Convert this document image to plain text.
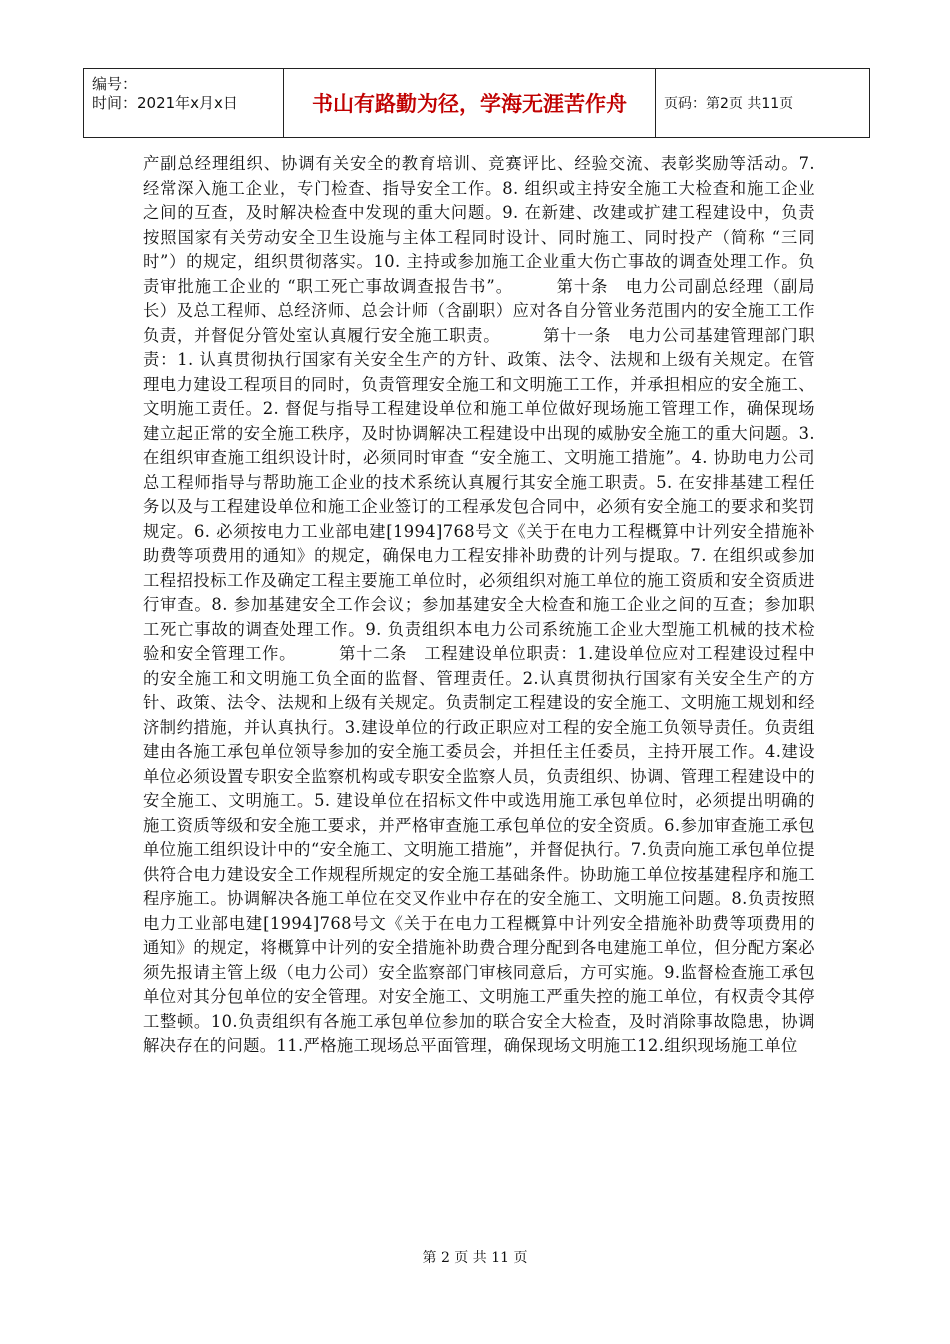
编号：
时间：2021年x月x日	书山有路勤为径，学海无涯苦作舟	页码：第2页 共11页
产副总经理组织、协调有关安全的教育培训、竞赛评比、经验交流、表彰奖励等活动。7. 经常深入施工企业，专门检查、指导安全工作。8. 组织或主持安全施工大检查和施工企业之间的互查，及时解决检查中发现的重大问题。9. 在新建、改建或扩建工程建设中，负责按照国家有关劳动安全卫生设施与主体工程同时设计、同时施工、同时投产（简称 “三同时”）的规定，组织贯彻落实。10. 主持或参加施工企业重大伤亡事故的调查处理工作。负责审批施工企业的 “职工死亡事故调查报告书”。　　　第十条　电力公司副总经理（副局长）及总工程师、总经济师、总会计师（含副职）应对各自分管业务范围内的安全施工工作负责，并督促分管处室认真履行安全施工职责。　　　第十一条　电力公司基建管理部门职责：1. 认真贯彻执行国家有关安全生产的方针、政策、法令、法规和上级有关规定。在管理电力建设工程项目的同时，负责管理安全施工和文明施工工作，并承担相应的安全施工、文明施工责任。2. 督促与指导工程建设单位和施工单位做好现场施工管理工作，确保现场建立起正常的安全施工秩序，及时协调解决工程建设中出现的威胁安全施工的重大问题。3. 在组织审查施工组织设计时，必须同时审查 “安全施工、文明施工措施”。4. 协助电力公司总工程师指导与帮助施工企业的技术系统认真履行其安全施工职责。5. 在安排基建工程任务以及与工程建设单位和施工企业签订的工程承发包合同中，必须有安全施工的要求和奖罚规定。6. 必须按电力工业部电建[1994]768号文《关于在电力工程概算中计列安全措施补助费等项费用的通知》的规定，确保电力工程安排补助费的计列与提取。7. 在组织或参加工程招投标工作及确定工程主要施工单位时，必须组织对施工单位的施工资质和安全资质进行审查。8. 参加基建安全工作会议；参加基建安全大检查和施工企业之间的互查；参加职工死亡事故的调查处理工作。9. 负责组织本电力公司系统施工企业大型施工机械的技术检验和安全管理工作。　　　第十二条　工程建设单位职责：1.建设单位应对工程建设过程中的安全施工和文明施工负全面的监督、管理责任。2.认真贯彻执行国家有关安全生产的方针、政策、法令、法规和上级有关规定。负责制定工程建设的安全施工、文明施工规划和经济制约措施，并认真执行。3.建设单位的行政正职应对工程的安全施工负领导责任。负责组建由各施工承包单位领导参加的安全施工委员会，并担任主任委员，主持开展工作。4.建设单位必须设置专职安全监察机构或专职安全监察人员，负责组织、协调、管理工程建设中的安全施工、文明施工。5. 建设单位在招标文件中或选用施工承包单位时，必须提出明确的施工资质等级和安全施工要求，并严格审查施工承包单位的安全资质。6.参加审查施工承包单位施工组织设计中的“安全施工、文明施工措施”，并督促执行。7.负责向施工承包单位提供符合电力建设安全工作规程所规定的安全施工基础条件。协助施工单位按基建程序和施工程序施工。协调解决各施工单位在交叉作业中存在的安全施工、文明施工问题。8.负责按照电力工业部电建[1994]768号文《关于在电力工程概算中计列安全措施补助费等项费用的通知》的规定，将概算中计列的安全措施补助费合理分配到各电建施工单位，但分配方案必须先报请主管上级（电力公司）安全监察部门审核同意后，方可实施。9.监督检查施工承包单位对其分包单位的安全管理。对安全施工、文明施工严重失控的施工单位，有权责令其停工整顿。10.负责组织有各施工承包单位参加的联合安全大检查，及时消除事故隐患，协调解决存在的问题。11.严格施工现场总平面管理，确保现场文明施工12.组织现场施工单位
第 2 页 共 11 页
